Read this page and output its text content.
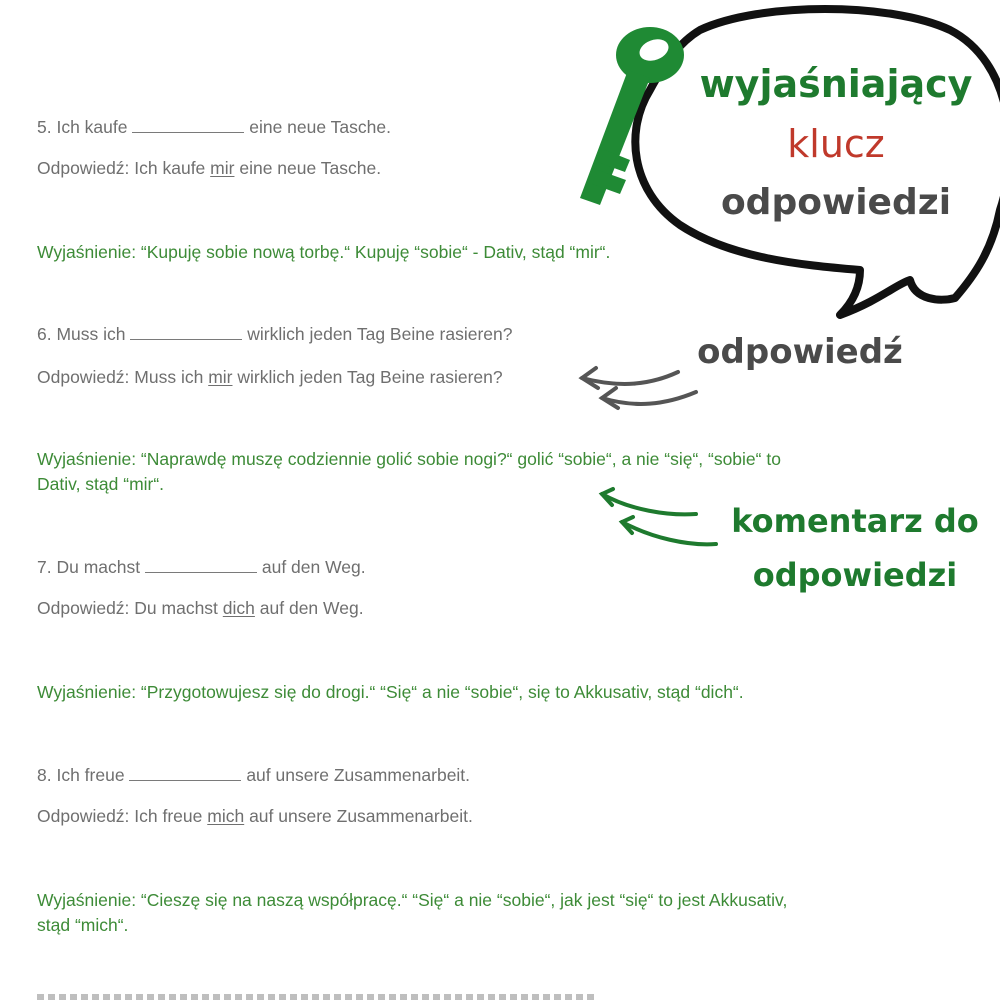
5. Ich kaufe	eine neue Tasche.

Odpowiedź: Ich kaufe mir eine neue Tasche.

Wyjaśnienie: “Kupuję sobie nową torbę.“ Kupuję “sobie“ - Dativ, stąd “mir“.

6. Muss ich	wirklich jeden Tag Beine rasieren?

Odpowiedź: Muss ich mir wirklich jeden Tag Beine rasieren?

Wyjaśnienie: “Naprawdę muszę codziennie golić sobie nogi?“ golić “sobie“, a nie “się“, “sobie“ to

Dativ, stąd “mir“.

7. Du machst	auf den Weg.

Odpowiedź: Du machst dich auf den Weg.

Wyjaśnienie: “Przygotowujesz się do drogi.“ “Się“ a nie “sobie“, się to Akkusativ, stąd “dich“.

8. Ich freue	auf unsere Zusammenarbeit.

Odpowiedź: Ich freue mich auf unsere Zusammenarbeit.

Wyjaśnienie: “Cieszę się na naszą współpracę.“ “Się“ a nie “sobie“, jak jest “się“ to jest Akkusativ,

stąd “mich“.

wyjaśniający

klucz

odpowiedzi

odpowiedź

komentarz do

odpowiedzi
